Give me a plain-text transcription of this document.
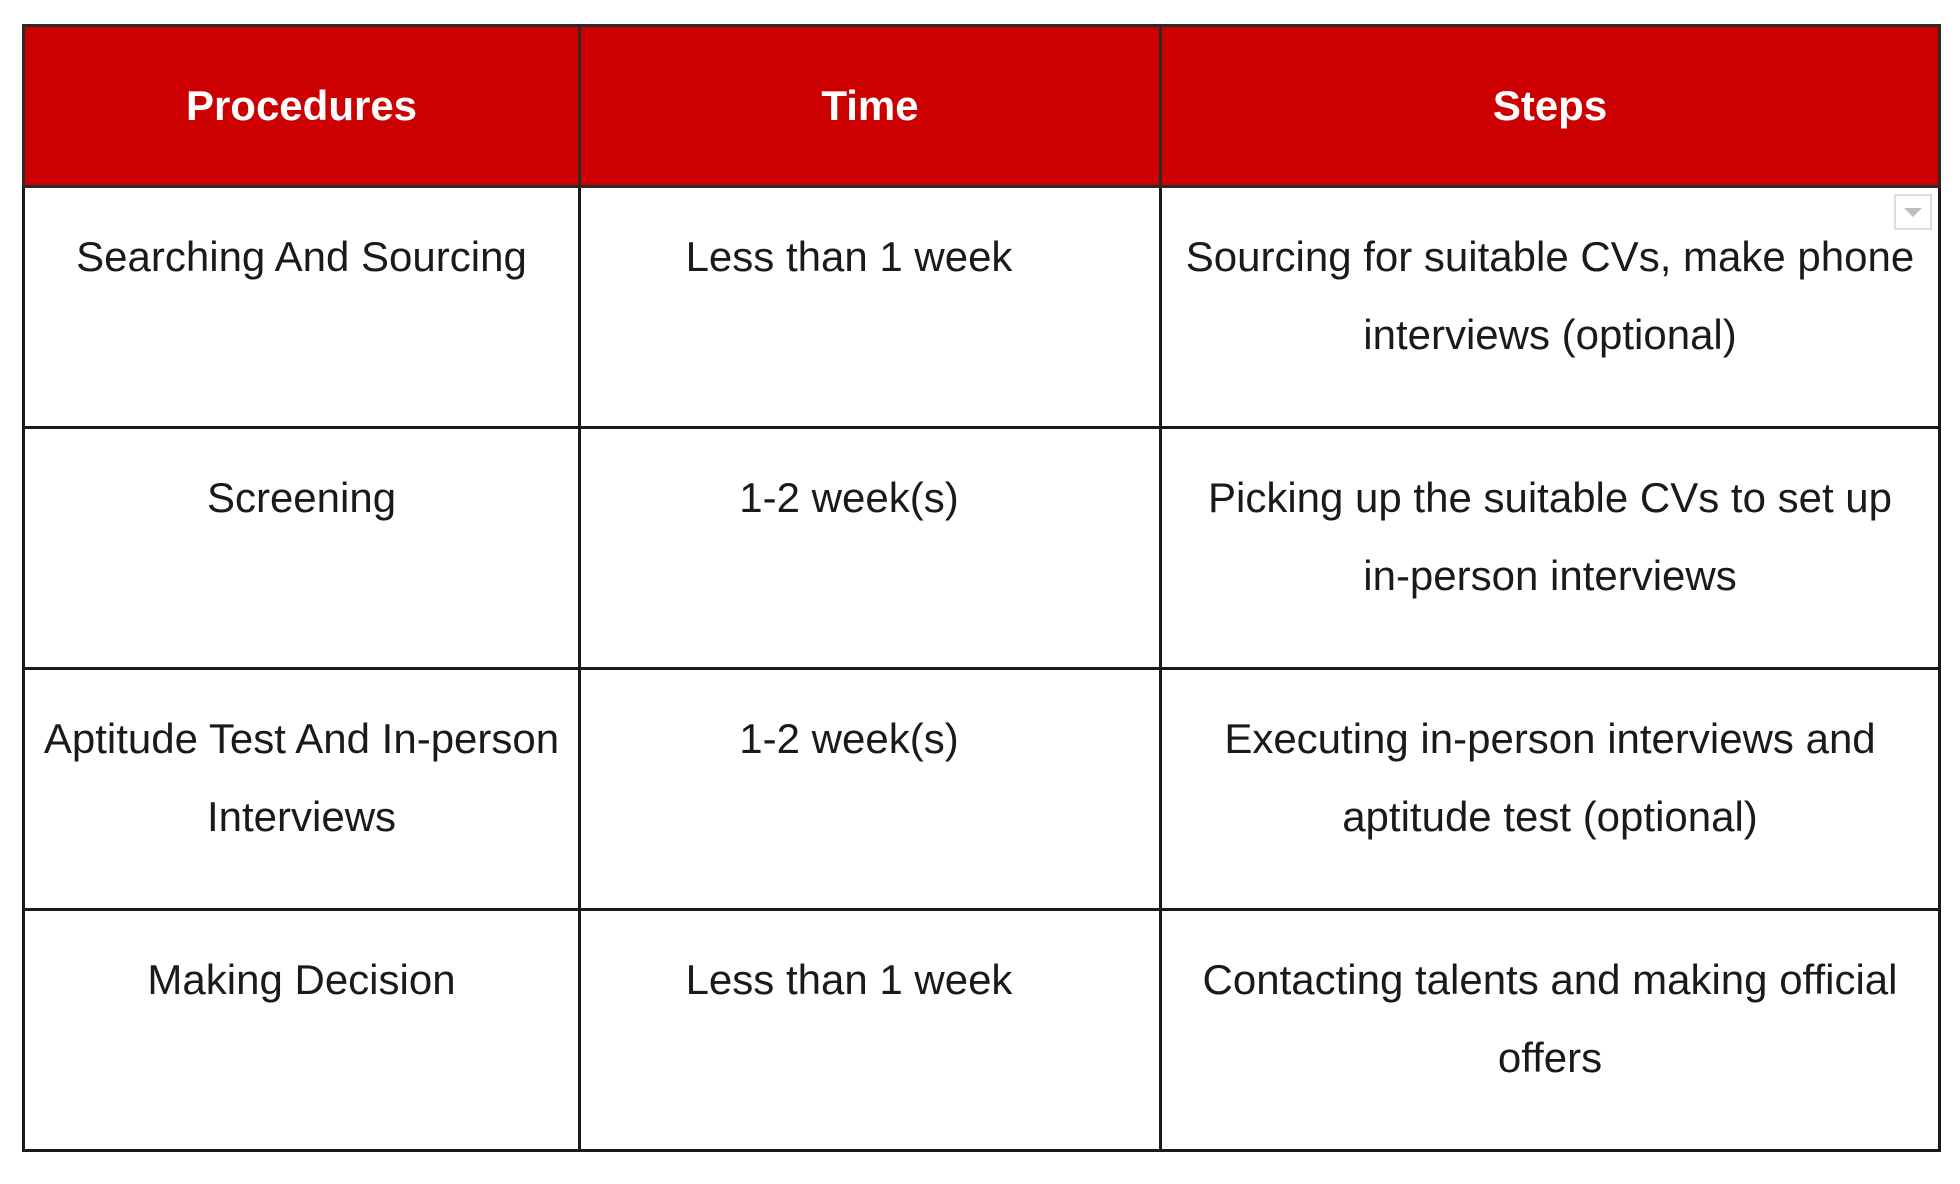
Procedures	Time	Steps

Searching And Sourcing	Less than 1 week	Sourcing for suitable CVs, make phone interviews (optional)

Screening	1-2 week(s)	Picking up the suitable CVs to set up in-person interviews

Aptitude Test And In-person Interviews	1-2 week(s)	Executing in-person interviews and aptitude test (optional)

Making Decision	Less than 1 week	Contacting talents and making official offers
